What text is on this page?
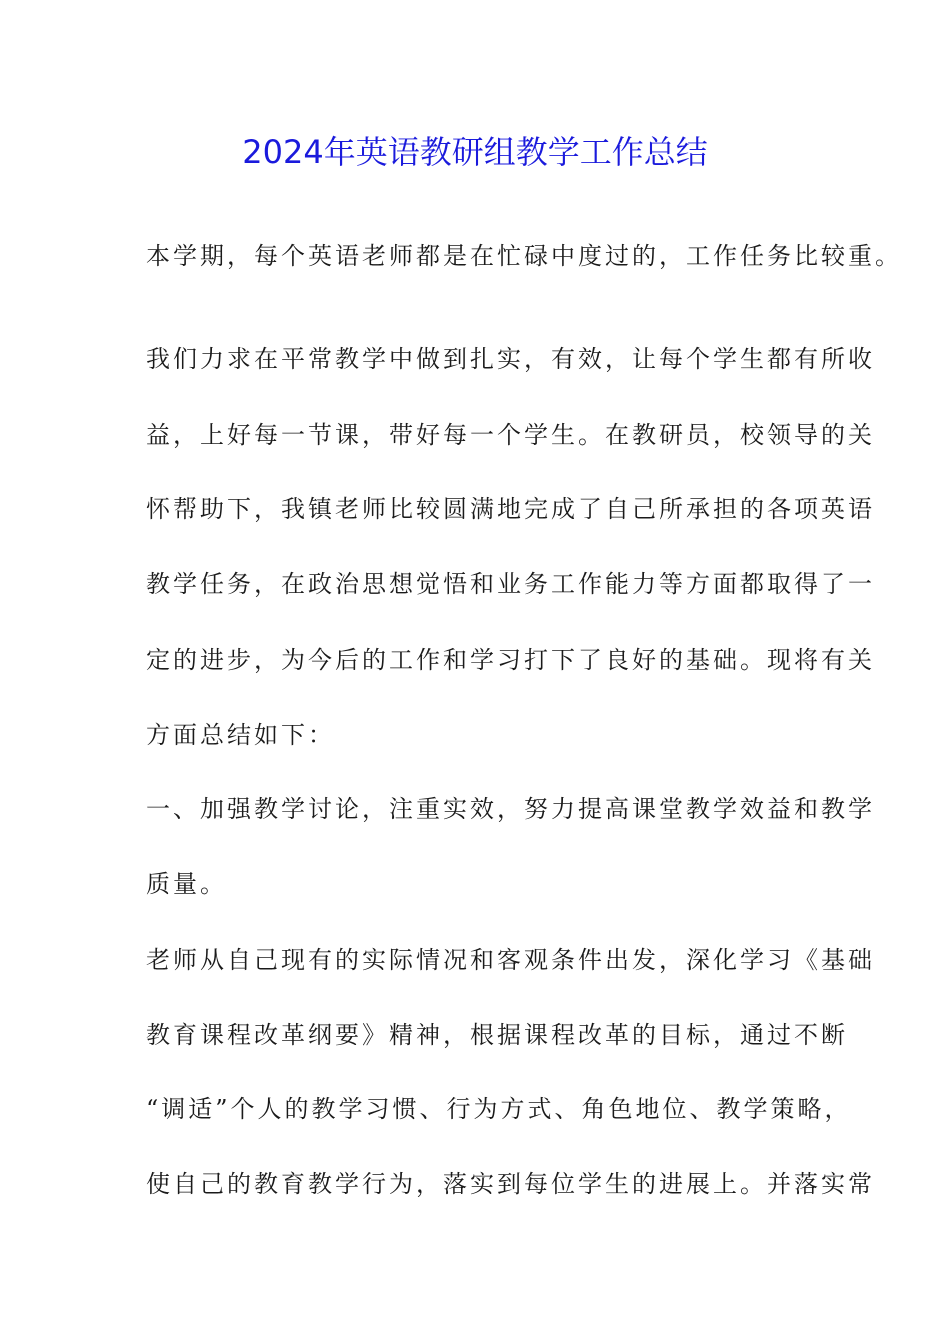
2024年英语教研组教学工作总结
本学期，每个英语老师都是在忙碌中度过的，工作任务比较重。
我们力求在平常教学中做到扎实，有效，让每个学生都有所收
益，上好每一节课，带好每一个学生。在教研员，校领导的关
怀帮助下，我镇老师比较圆满地完成了自己所承担的各项英语
教学任务，在政治思想觉悟和业务工作能力等方面都取得了一
定的进步，为今后的工作和学习打下了良好的基础。现将有关
方面总结如下：
一、加强教学讨论，注重实效，努力提高课堂教学效益和教学
质量。
老师从自己现有的实际情况和客观条件出发，深化学习《基础
教育课程改革纲要》精神，根据课程改革的目标，通过不断
“调适”个人的教学习惯、行为方式、角色地位、教学策略，
使自己的教育教学行为，落实到每位学生的进展上。并落实常
